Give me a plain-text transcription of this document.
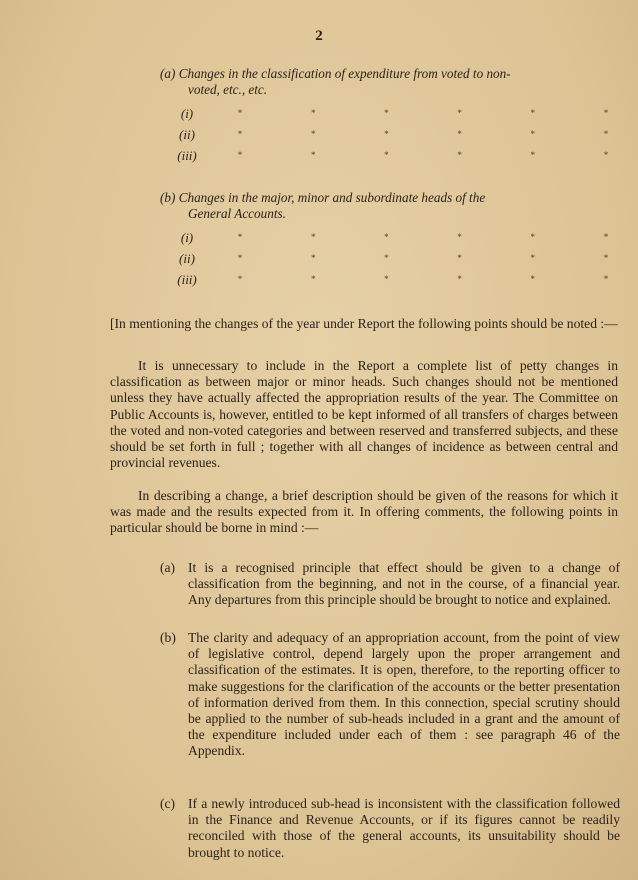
2
(a) Changes in the classification of expenditure from voted to non-
voted, etc., etc.
(i)	*	*	*	*	*	*
(ii)	*	*	*	*	*	*
(iii)	*	*	*	*	*	*
(b) Changes in the major, minor and subordinate heads of the
General Accounts.
(i)	*	*	*	*	*	*
(ii)	*	*	*	*	*	*
(iii)	*	*	*	*	*	*
[In mentioning the changes of the year under Report the following points should be noted :—
It is unnecessary to include in the Report a complete list of petty changes in classification as between major or minor heads. Such changes should not be mentioned unless they have actually affected the appropriation results of the year. The Committee on Public Accounts is, however, entitled to be kept informed of all transfers of charges between the voted and non-voted categories and between reserved and transferred subjects, and these should be set forth in full ; together with all changes of incidence as between central and provincial revenues.
In describing a change, a brief description should be given of the reasons for which it was made and the results expected from it. In offering comments, the following points in particular should be borne in mind :—
(a) It is a recognised principle that effect should be given to a change of classification from the beginning, and not in the course, of a financial year. Any departures from this principle should be brought to notice and explained.
(b) The clarity and adequacy of an appropriation account, from the point of view of legislative control, depend largely upon the proper arrangement and classification of the estimates. It is open, therefore, to the reporting officer to make suggestions for the clarification of the accounts or the better presentation of information derived from them. In this connection, special scrutiny should be applied to the number of sub-heads included in a grant and the amount of the expenditure included under each of them : see paragraph 46 of the Appendix.
(c) If a newly introduced sub-head is inconsistent with the classification followed in the Finance and Revenue Accounts, or if its figures cannot be readily reconciled with those of the general accounts, its unsuitability should be brought to notice.
